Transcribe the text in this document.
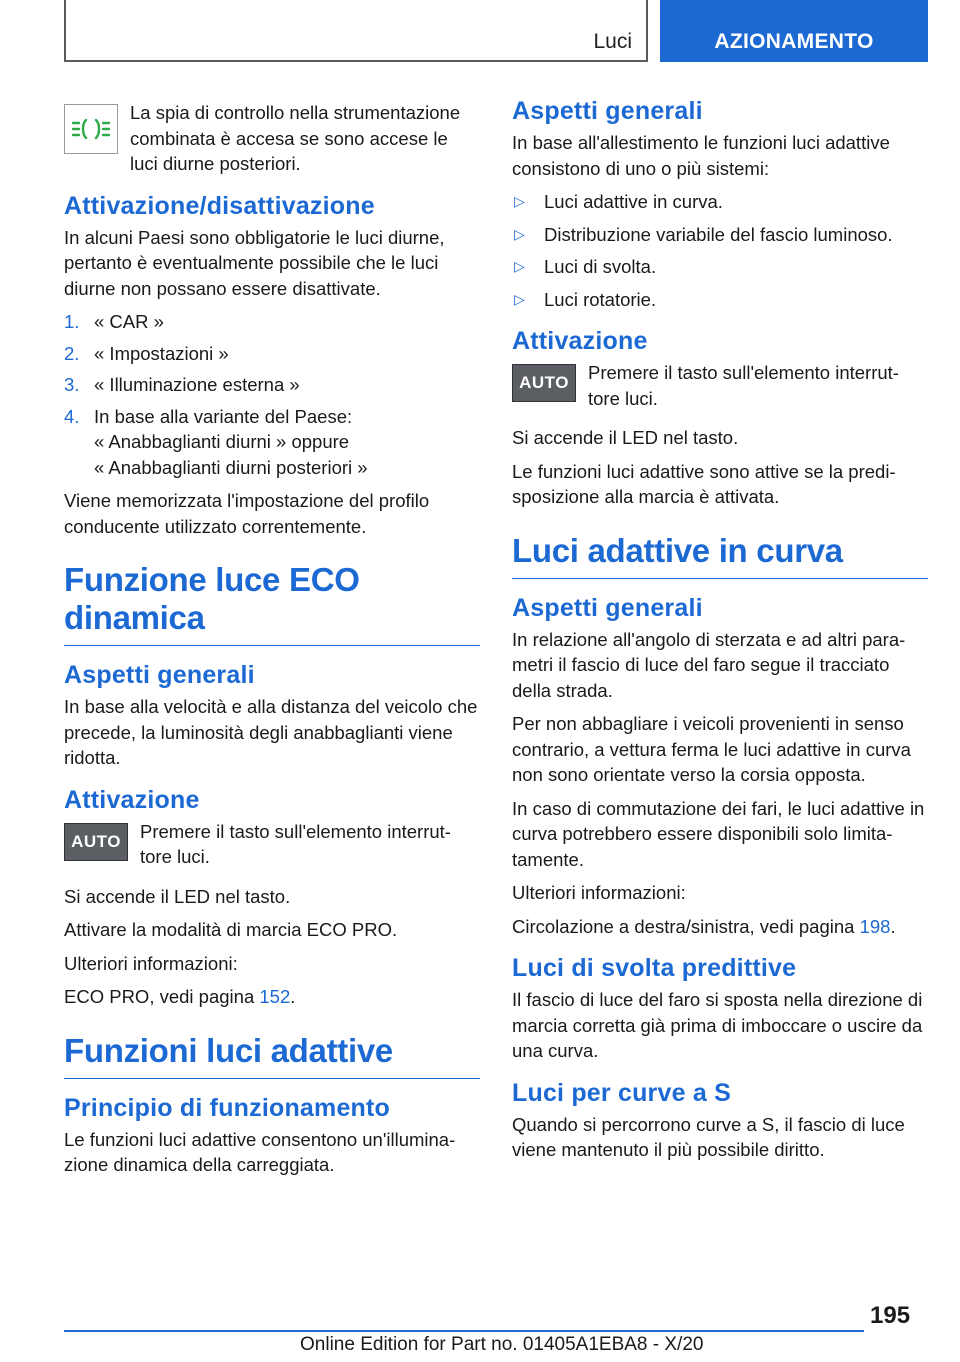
Luci	AZIONAMENTO

La spia di controllo nella strumentazione combinata è accesa se sono accese le luci diurne posteriori.

Attivazione/disattivazione

In alcuni Paesi sono obbligatorie le luci diurne, pertanto è eventualmente possibile che le luci diurne non possano essere disattivate.

1. « CAR »
2. « Impostazioni »
3. « Illuminazione esterna »
4. In base alla variante del Paese:
« Anabbaglianti diurni » oppure
« Anabbaglianti diurni posteriori »

Viene memorizzata l'impostazione del profilo conducente utilizzato correntemente.

Funzione luce ECO dinamica
Aspetti generali

In base alla velocità e alla distanza del veicolo che precede, la luminosità degli anabbaglianti viene ridotta.

Attivazione
AUTO	Premere il tasto sull'elemento interrut-tore luci.

Si accende il LED nel tasto.

Attivare la modalità di marcia ECO PRO.

Ulteriori informazioni:

ECO PRO, vedi pagina 152.

Funzioni luci adattive
Principio di funzionamento

Le funzioni luci adattive consentono un'illumina-zione dinamica della carreggiata.

Aspetti generali

In base all'allestimento le funzioni luci adattive consistono di uno o più sistemi:

▷	Luci adattive in curva.
▷	Distribuzione variabile del fascio luminoso.
▷	Luci di svolta.
▷	Luci rotatorie.
Attivazione
AUTO	Premere il tasto sull'elemento interrut-tore luci.

Si accende il LED nel tasto.

Le funzioni luci adattive sono attive se la predi-sposizione alla marcia è attivata.

Luci adattive in curva
Aspetti generali

In relazione all'angolo di sterzata e ad altri para-metri il fascio di luce del faro segue il tracciato della strada.

Per non abbagliare i veicoli provenienti in senso contrario, a vettura ferma le luci adattive in curva non sono orientate verso la corsia opposta.

In caso di commutazione dei fari, le luci adattive in curva potrebbero essere disponibili solo limita-tamente.

Ulteriori informazioni:

Circolazione a destra/sinistra, vedi pagina 198.

Luci di svolta predittive

Il fascio di luce del faro si sposta nella direzione di marcia corretta già prima di imboccare o uscire da una curva.

Luci per curve a S

Quando si percorrono curve a S, il fascio di luce viene mantenuto il più possibile diritto.

195
Online Edition for Part no. 01405A1EBA8 - X/20
